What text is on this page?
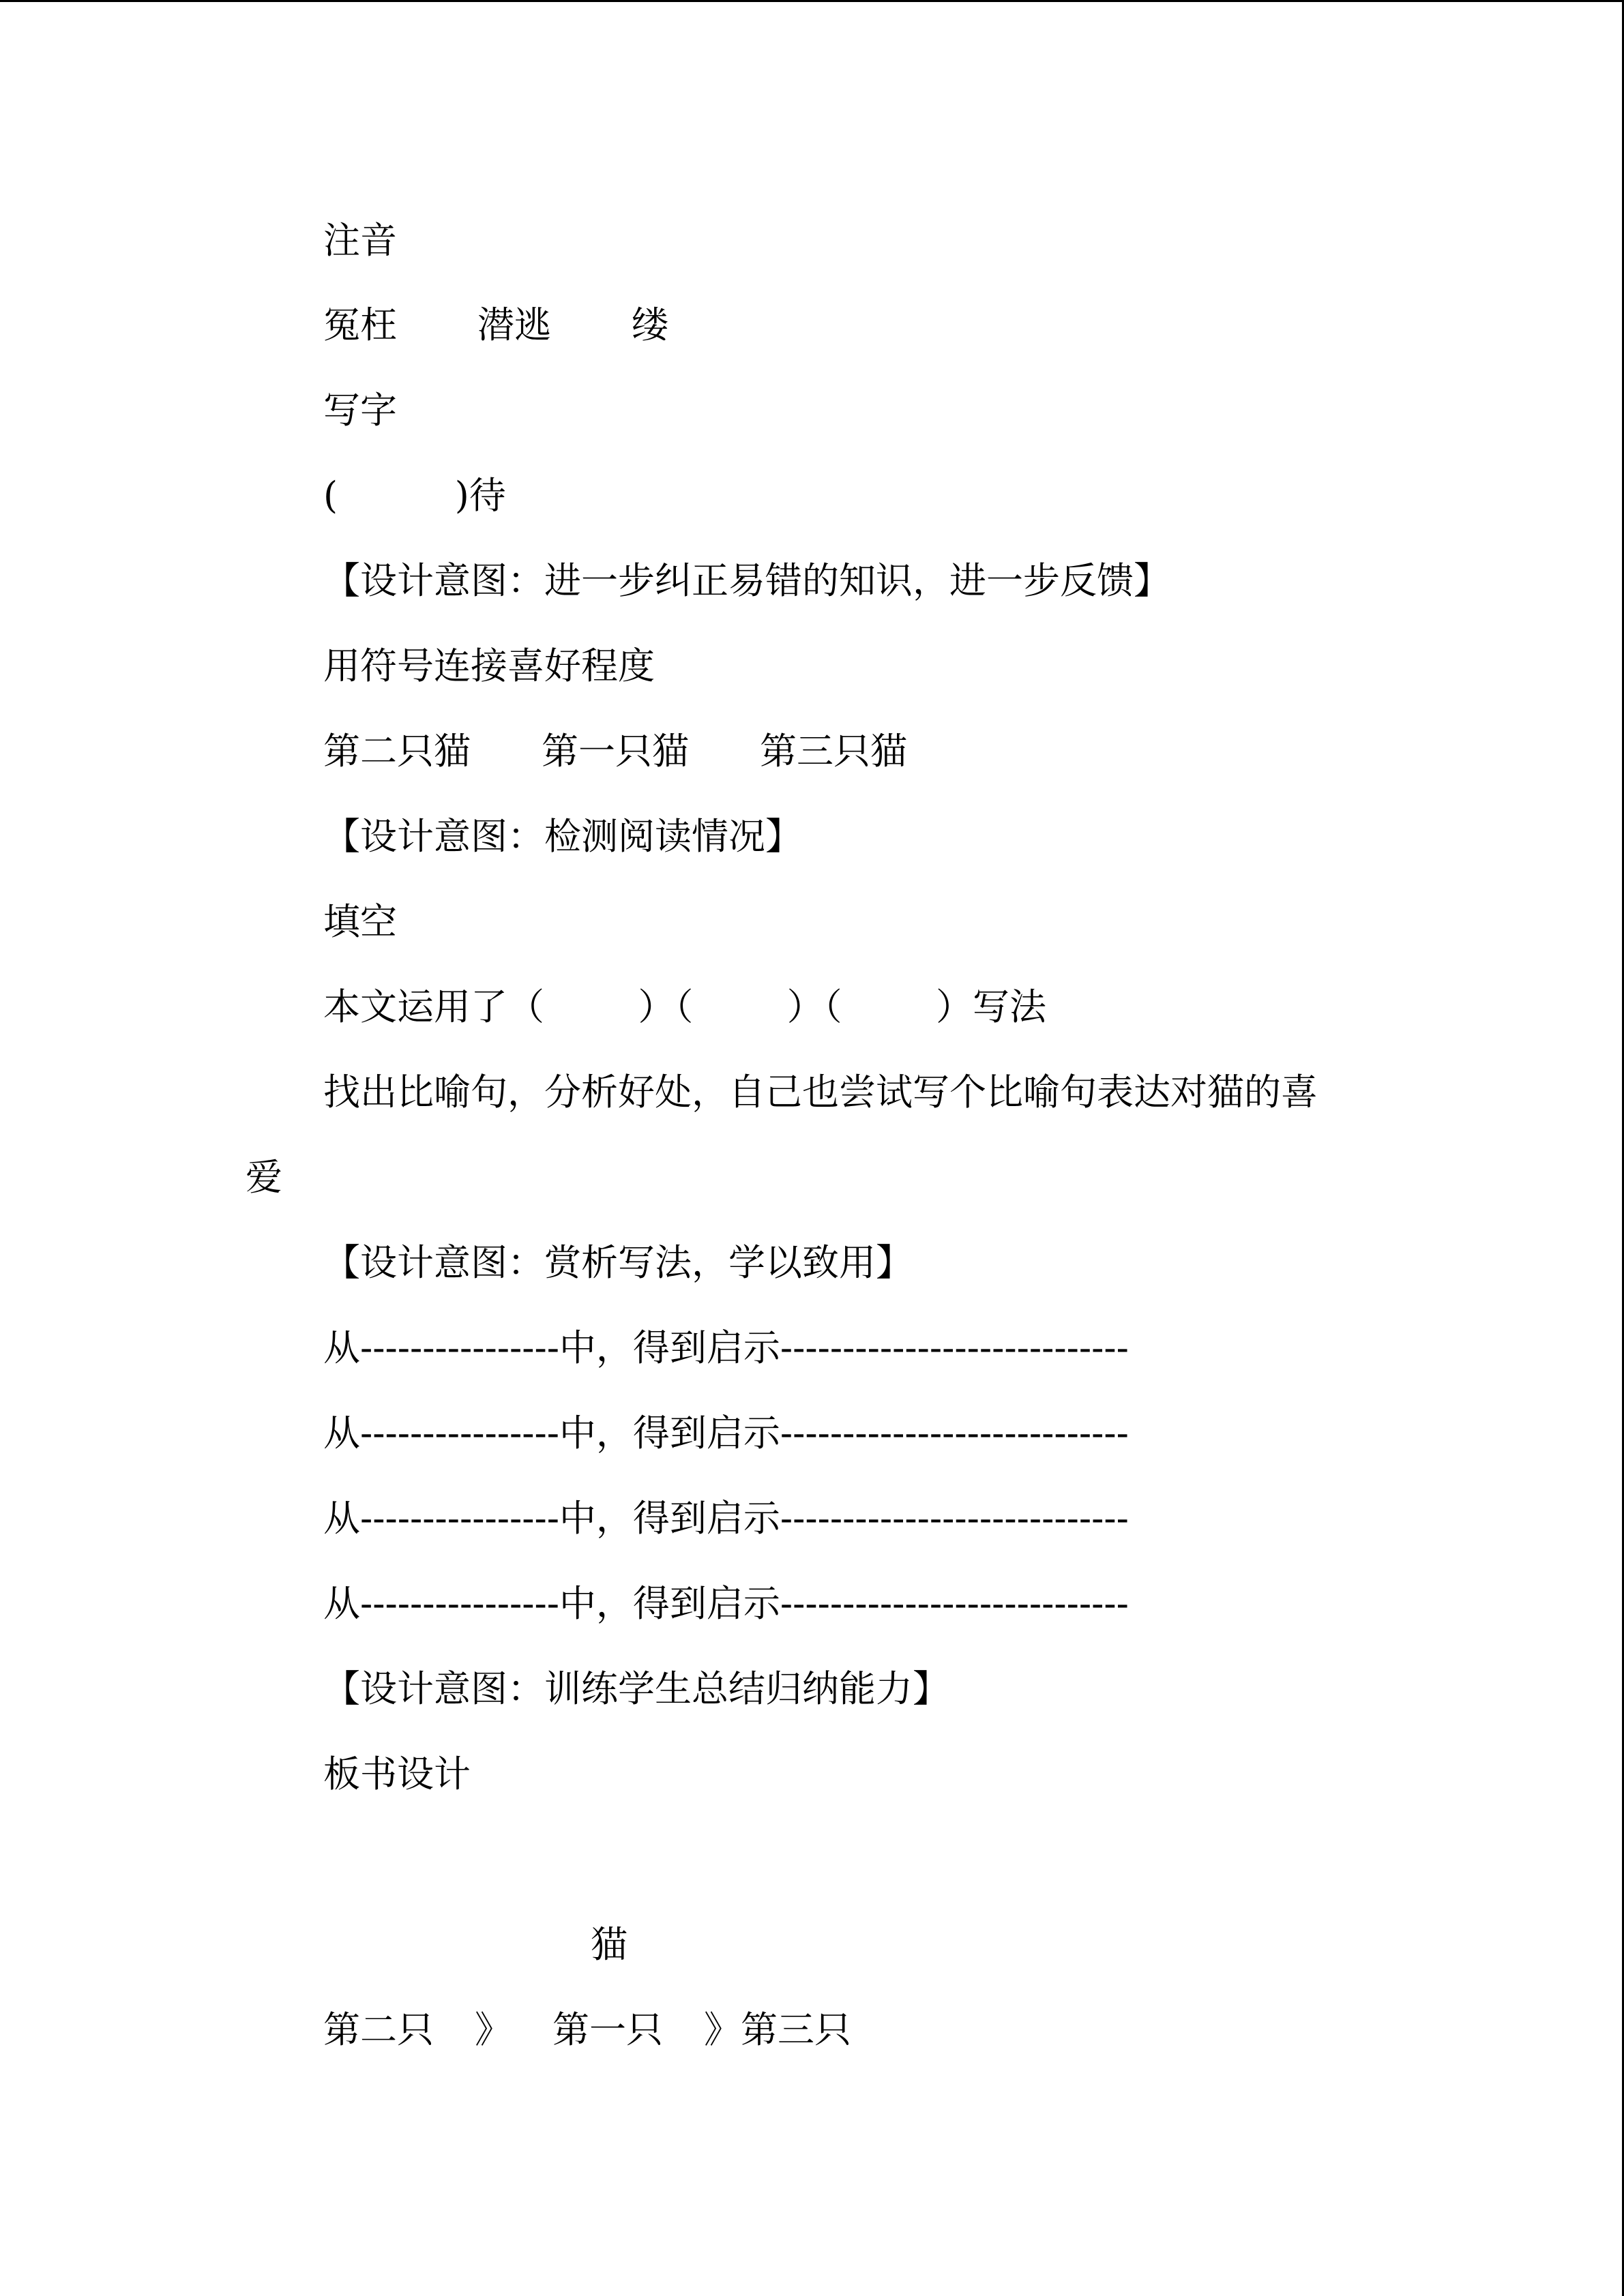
注音
冤枉 潜逃 缕
写字
(          )待
【设计意图：进一步纠正易错的知识，进一步反馈】
用符号连接喜好程度
第二只猫 第一只猫 第三只猫
【设计意图：检测阅读情况】
填空
本文运用了（        ）（        ）（        ）写法
找出比喻句，分析好处，自己也尝试写个比喻句表达对猫的喜
爱
【设计意图：赏析写法，学以致用】
从----------------中，得到启示----------------------------
从----------------中，得到启示----------------------------
从----------------中，得到启示----------------------------
从----------------中，得到启示----------------------------
【设计意图：训练学生总结归纳能力】
板书设计
猫
第二只 》 第一只 》第三只
